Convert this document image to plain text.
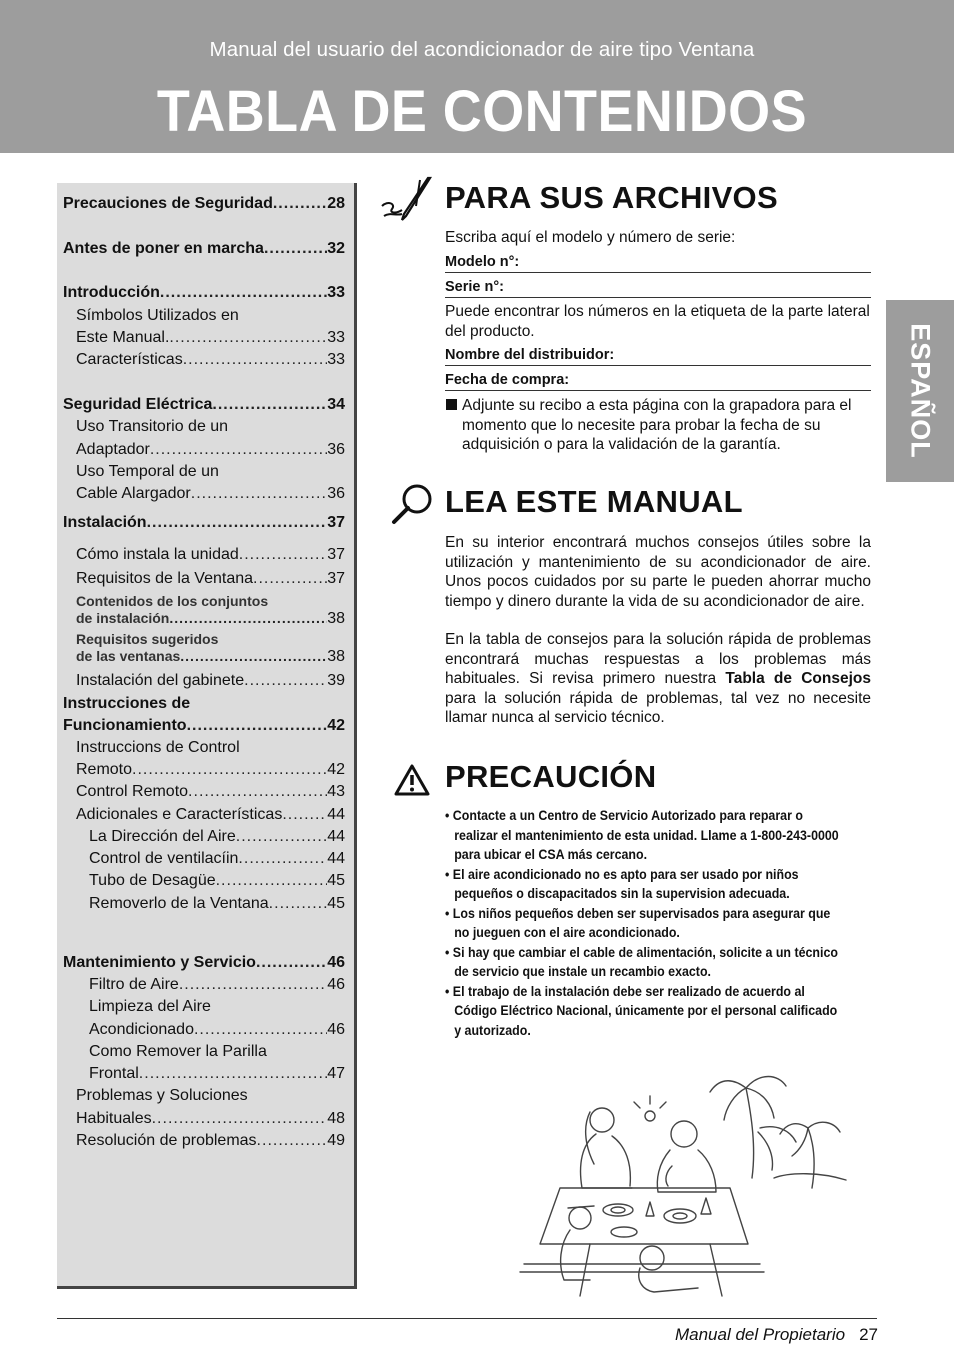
Manual del usuario del acondicionador de aire tipo Ventana
TABLA DE CONTENIDOS
ESPAÑOL
Precauciones de Seguridad .....	28
Antes de poner en marcha .....	32
Introducción .....	33
Símbolos Utilizados en
Este Manual. .....	33
Características .....	33
Seguridad Eléctrica .....	34
Uso Transitorio de un
Adaptador .....	36
Uso Temporal de un
Cable Alargador .....	36
Instalación .....	37
Cómo instala la unidad .....	37
Requisitos de la Ventana .....	37
Contenidos de los conjuntos
de instalación .....	38
Requisitos sugeridos
de las ventanas .....	38
Instalación del gabinete .....	39
Instrucciones de
Funcionamiento .....	42
Instruccions de Control
Remoto .....	42
Control Remoto .....	43
Adicionales e Características .....	44
La Dirección del Aire .....	44
Control de ventilacíin .....	44
Tubo de Desagüe .....	45
Removerlo de la Ventana .....	45
Mantenimiento y Servicio .....	46
Filtro de Aire .....	46
Limpieza del Aire
Acondicionado .....	46
Como Remover la Parilla
Frontal .....	47
Problemas y Soluciones
Habituales .....	48
Resolución de problemas .....	49
PARA SUS ARCHIVOS
Escriba aquí el modelo y número de serie:
Modelo n°:
Serie n°:
Puede encontrar los números en la etiqueta de la parte lateral del producto.
Nombre del distribuidor:
Fecha de compra:
Adjunte su recibo a esta página con la grapadora para el momento que lo necesite para probar la fecha de su adquisición o para la validación de la garantía.
LEA ESTE MANUAL
En su interior encontrará muchos consejos útiles sobre la utilización y mantenimiento de su acondicionador de aire. Unos pocos cuidados por su parte le pueden ahorrar mucho tiempo y dinero durante la vida de su acondicionador de aire.
En la tabla de consejos para la solución rápida de problemas encontrará muchas respuestas a los problemas más habituales. Si revisa primero nuestra Tabla de Consejos para la solución rápida de problemas, tal vez no necesite llamar nunca al servicio técnico.
PRECAUCIÓN
• Contacte a un Centro de Servicio Autorizado para reparar o realizar el mantenimiento de esta unidad. Llame a 1-800-243-0000 para ubicar el CSA más cercano.
• El aire acondicionado no es apto para ser usado por niños pequeños o discapacitados sin la supervision adecuada.
• Los niños pequeños deben ser supervisados para asegurar que no jueguen con el aire acondicionado.
• Si hay que cambiar el cable de alimentación, solicite a un técnico de servicio que instale un recambio exacto.
• El trabajo de la instalación debe ser realizado de acuerdo al Código Eléctrico Nacional, únicamente por el personal calificado y autorizado.
Manual del Propietario 27
